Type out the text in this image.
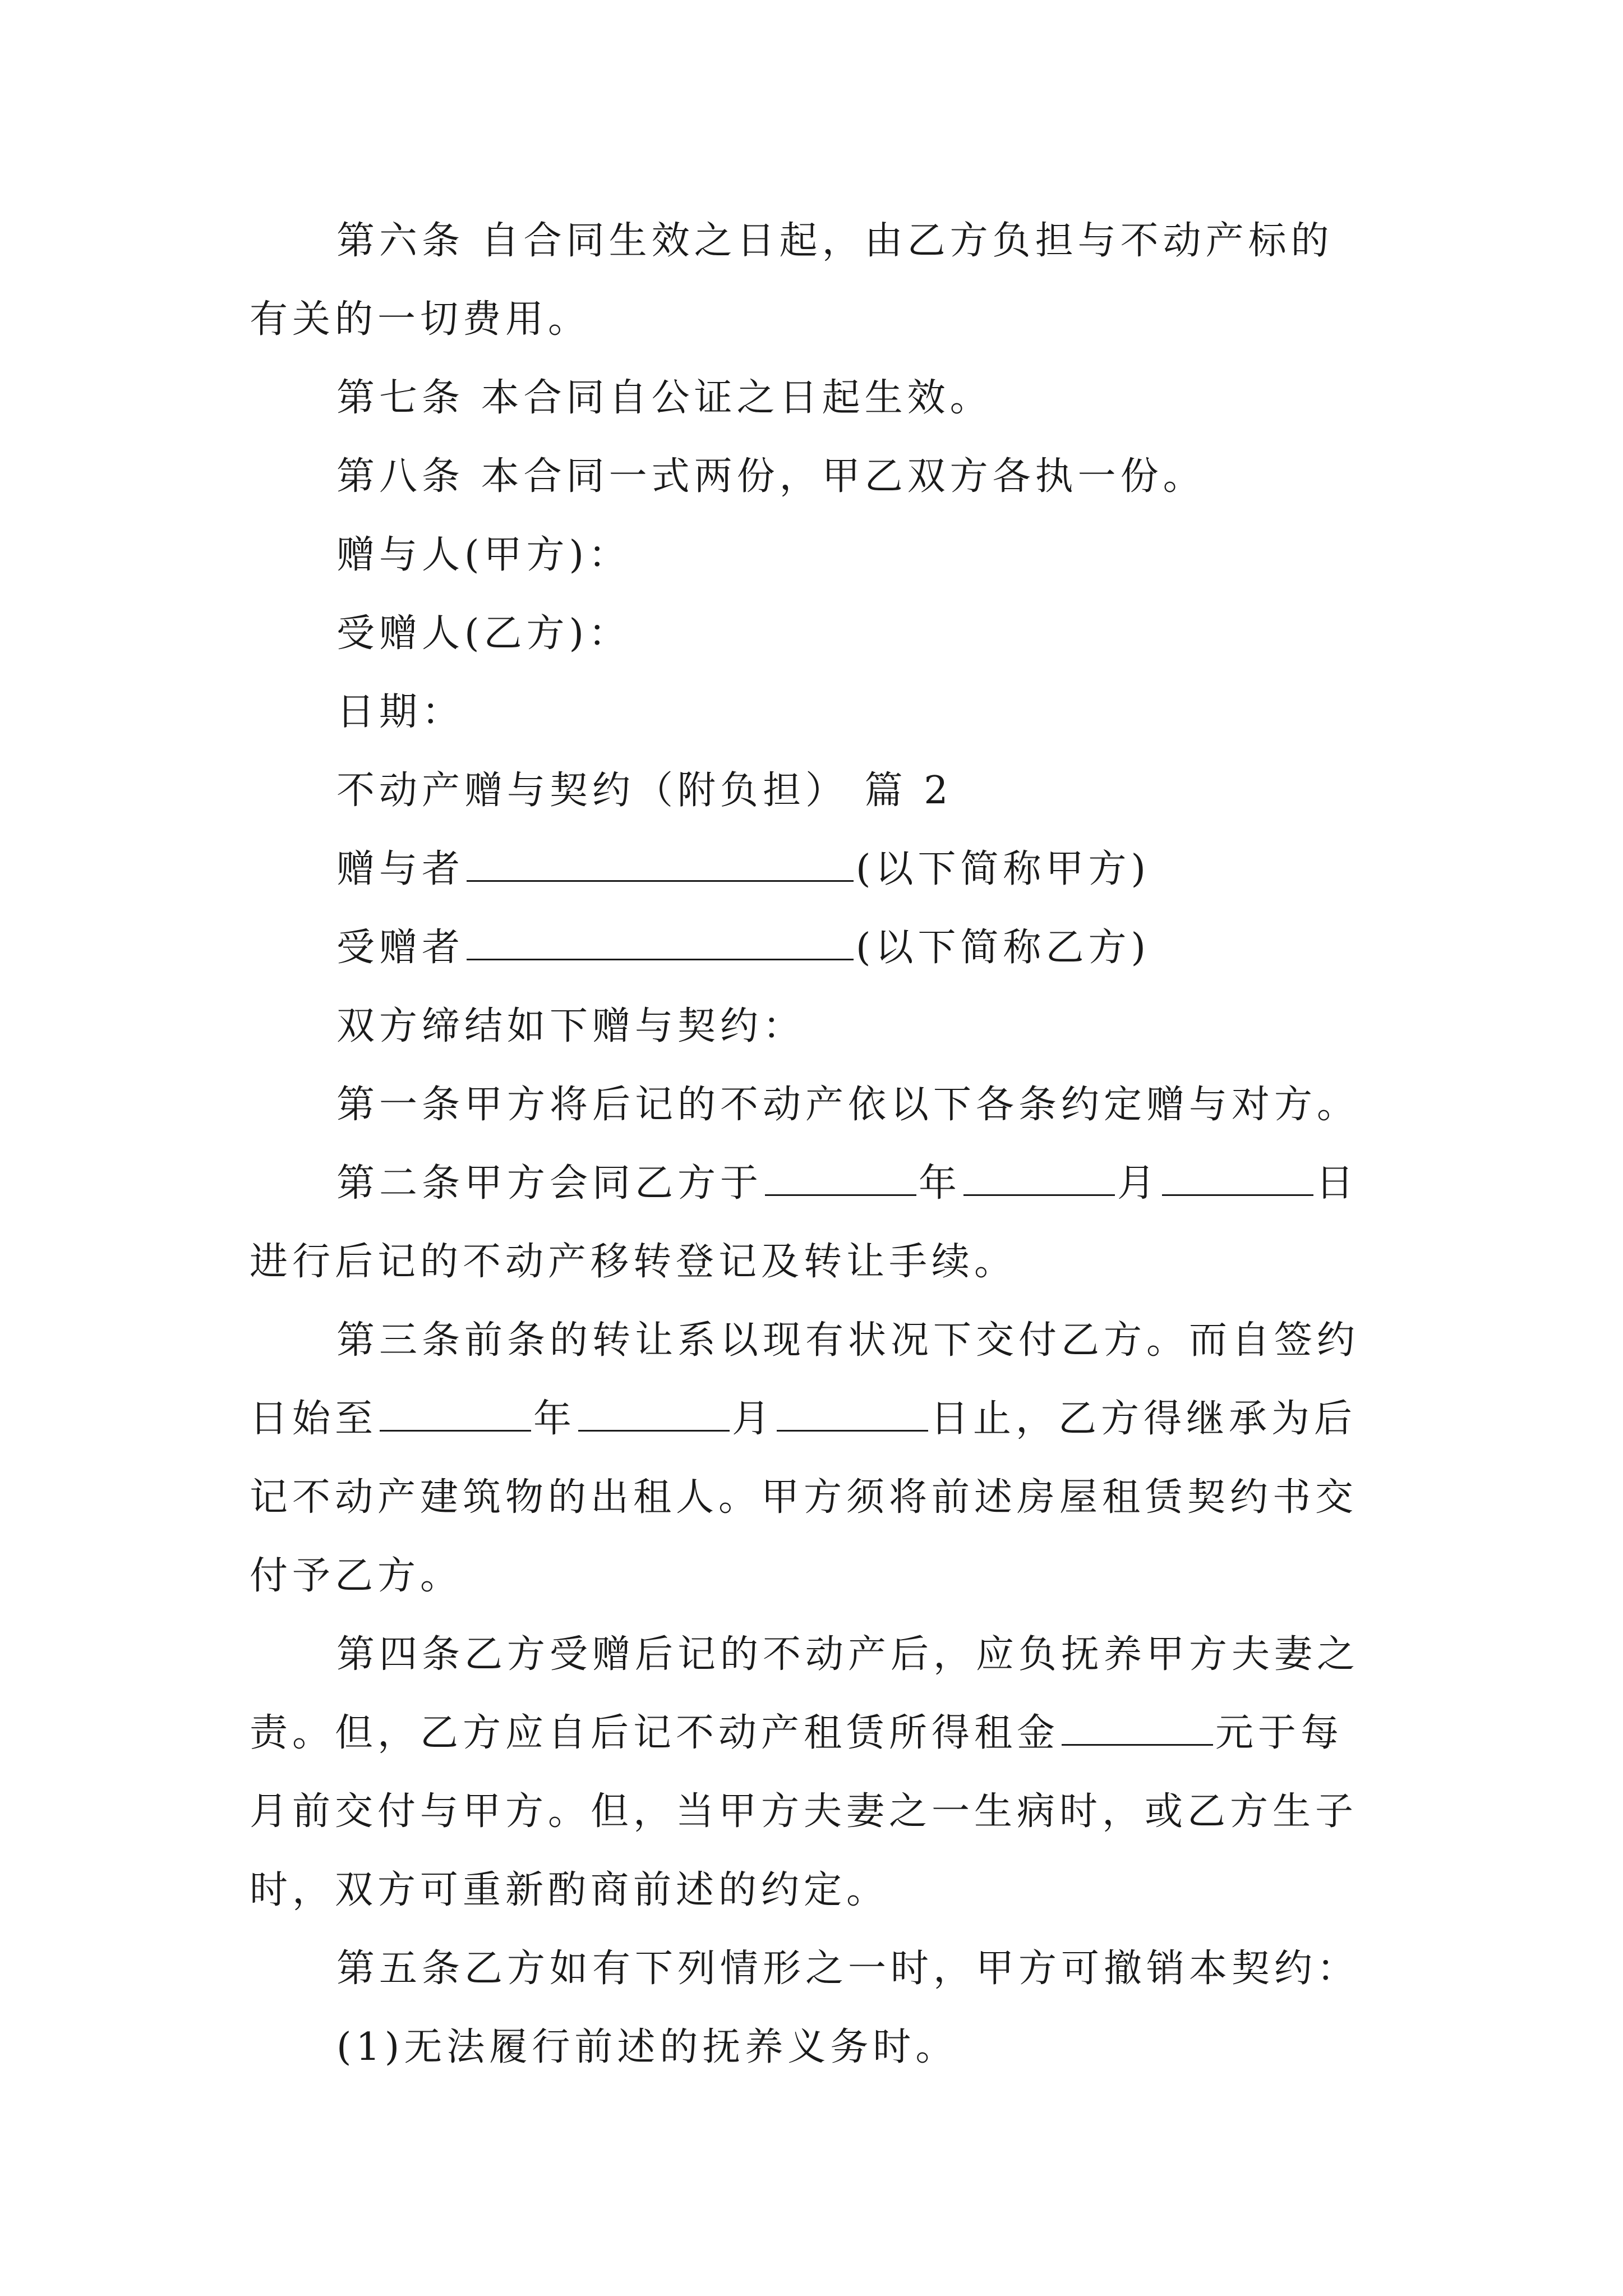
第六条 自合同生效之日起，由乙方负担与不动产标的
有关的一切费用。
第七条 本合同自公证之日起生效。
第八条 本合同一式两份，甲乙双方各执一份。
赠与人(甲方)：
受赠人(乙方)：
日期：
不动产赠与契约（附负担） 篇 2
赠与者	(以下简称甲方)
受赠者	(以下简称乙方)
双方缔结如下赠与契约：
第一条甲方将后记的不动产依以下各条约定赠与对方。
第二条甲方会同乙方于	年	月	日
进行后记的不动产移转登记及转让手续。
第三条前条的转让系以现有状况下交付乙方。而自签约
日始至	年	月	日止，乙方得继承为后
记不动产建筑物的出租人。甲方须将前述房屋租赁契约书交
付予乙方。
第四条乙方受赠后记的不动产后，应负抚养甲方夫妻之
责。但，乙方应自后记不动产租赁所得租金	元于每
月前交付与甲方。但，当甲方夫妻之一生病时，或乙方生子
时，双方可重新酌商前述的约定。
第五条乙方如有下列情形之一时，甲方可撤销本契约：
(1)无法履行前述的抚养义务时。
